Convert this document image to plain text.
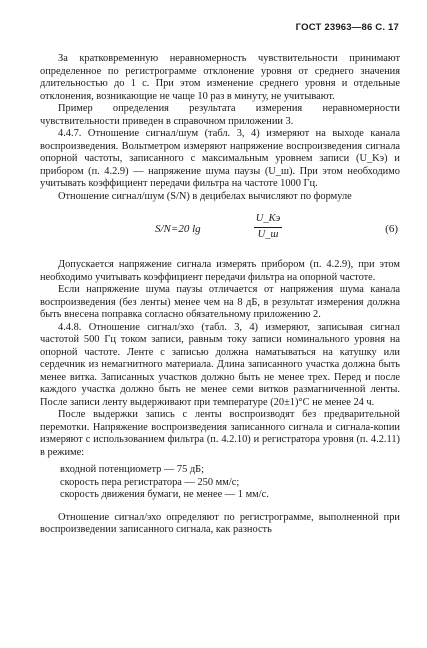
ГОСТ 23963—86 С. 17

За кратковременную неравномерность чувствительности принимают определенное по регистрограмме отклонение уровня от среднего значения длительностью до 1 с. При этом изменение среднего уровня и отдельные отклонения, возникающие не чаще 10 раз в минуту, не учитывают.

Пример определения результата измерения неравномерности чувствительности приведен в справочном приложении 3.

4.4.7. Отношение сигнал/шум (табл. 3, 4) измеряют на выходе канала воспроизведения. Вольтметром измеряют напряжение воспроизведения сигнала опорной частоты, записанного с максимальным уровнем записи (U_Kэ) и прибором (п. 4.2.9) — напряжение шума паузы (U_ш). При этом необходимо учитывать коэффициент передачи фильтра на частоте 1000 Гц.

Отношение сигнал/шум (S/N) в децибелах вычисляют по формуле

S/N=20 lg
U_Kэ
U_ш	(6)

Допускается напряжение сигнала измерять прибором (п. 4.2.9), при этом необходимо учитывать коэффициент передачи фильтра на опорной частоте.

Если напряжение шума паузы отличается от напряжения шума канала воспроизведения (без ленты) менее чем на 8 дБ, в результат измерения должна быть внесена поправка согласно обязательному приложению 2.

4.4.8. Отношение сигнал/эхо (табл. 3, 4) измеряют, записывая сигнал частотой 500 Гц током записи, равным току записи номинального уровня на опорной частоте. Ленте с записью должна наматываться на катушку или сердечник из немагнитного материала. Длина записанного участка должна быть менее витка. Записанных участков должно быть не менее трех. Перед и после каждого участка должно быть не менее семи витков размагниченной ленты. После записи ленту выдерживают при температуре (20±1)°С не менее 24 ч.

После выдержки запись с ленты воспроизводят без предварительной перемотки. Напряжение воспроизведения записанного сигнала и сигнала-копии измеряют с использованием фильтра (п. 4.2.10) и регистратора уровня (п. 4.2.11) в режиме:

входной потенциометр — 75 дБ;

скорость пера регистратора — 250 мм/с;

скорость движения бумаги, не менее — 1 мм/с.

Отношение сигнал/эхо определяют по регистрограмме, выполненной при воспроизведении записанного сигнала, как разность
